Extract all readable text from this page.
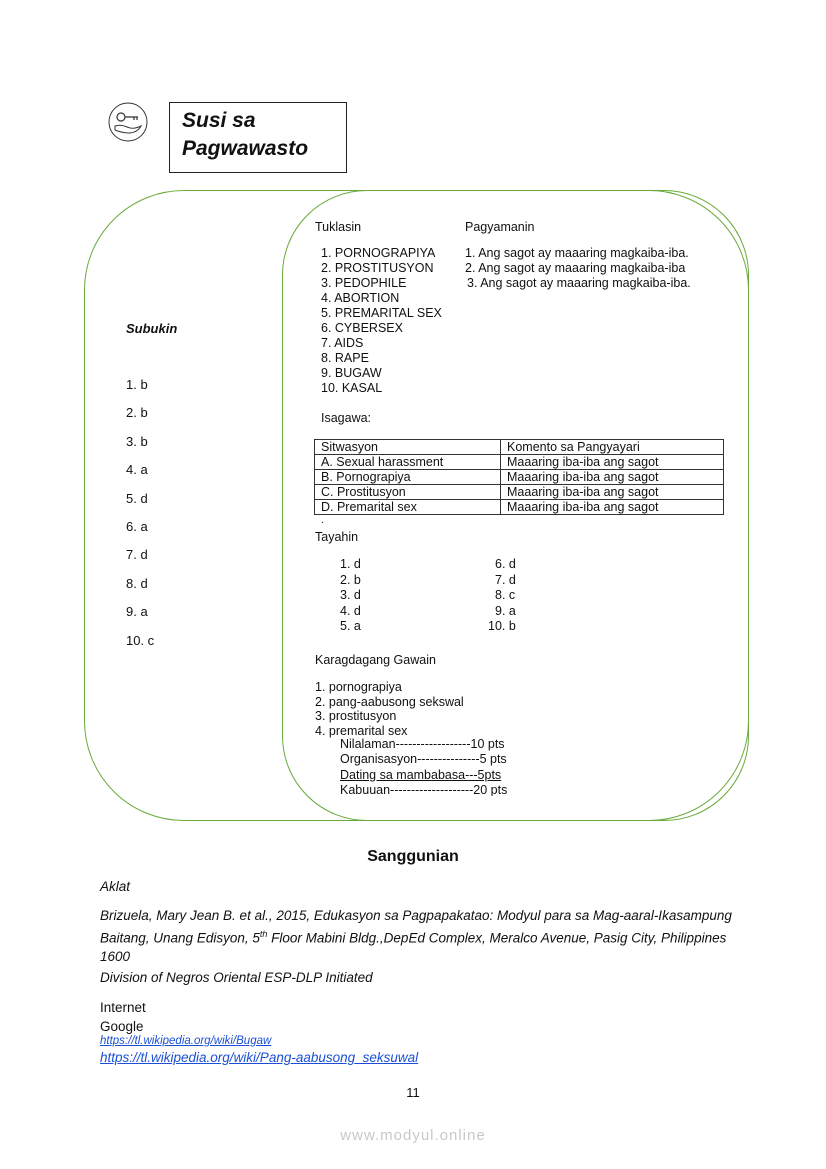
Susi sa
Pagwawasto
Subukin
1. b
2. b
3. b
4. a
5. d
6. a
7. d
8. d
9. a
10. c
Tuklasin	Pagyamanin
1. PORNOGRAPIYA
2. PROSTITUSYON
3. PEDOPHILE
4. ABORTION
5. PREMARITAL SEX
6. CYBERSEX
7. AIDS
8. RAPE
9. BUGAW
10. KASAL
1. Ang sagot ay maaaring magkaiba-iba.
2. Ang sagot ay maaaring magkaiba-iba
3. Ang sagot ay maaaring magkaiba-iba.
Isagawa:
Sitwasyon	Komento sa Pangyayari
A. Sexual harassment	Maaaring iba-iba ang sagot
B. Pornograpiya	Maaaring iba-iba ang sagot
C. Prostitusyon	Maaaring iba-iba ang sagot
D. Premarital sex	Maaaring iba-iba ang sagot
.
Tayahin
1. d
2. b
3. d
4. d
5. a
6. d
7. d
8. c
9. a
10. b
Karagdagang Gawain
1. pornograpiya
2. pang-aabusong sekswal
3. prostitusyon
4. premarital sex
Nilalaman------------------10 pts
Organisasyon---------------5 pts
Dating sa mambabasa---5pts
Kabuuan--------------------20 pts
Sanggunian
Aklat
Brizuela, Mary Jean B. et al., 2015, Edukasyon sa Pagpapakatao: Modyul para sa Mag-aaral-Ikasampung Baitang, Unang Edisyon, 5th Floor Mabini Bldg.,DepEd Complex, Meralco Avenue, Pasig City, Philippines 1600
Division of Negros Oriental ESP-DLP Initiated
Internet
Google
https://tl.wikipedia.org/wiki/Bugaw
https://tl.wikipedia.org/wiki/Pang-aabusong_seksuwal
11
www.modyul.online
